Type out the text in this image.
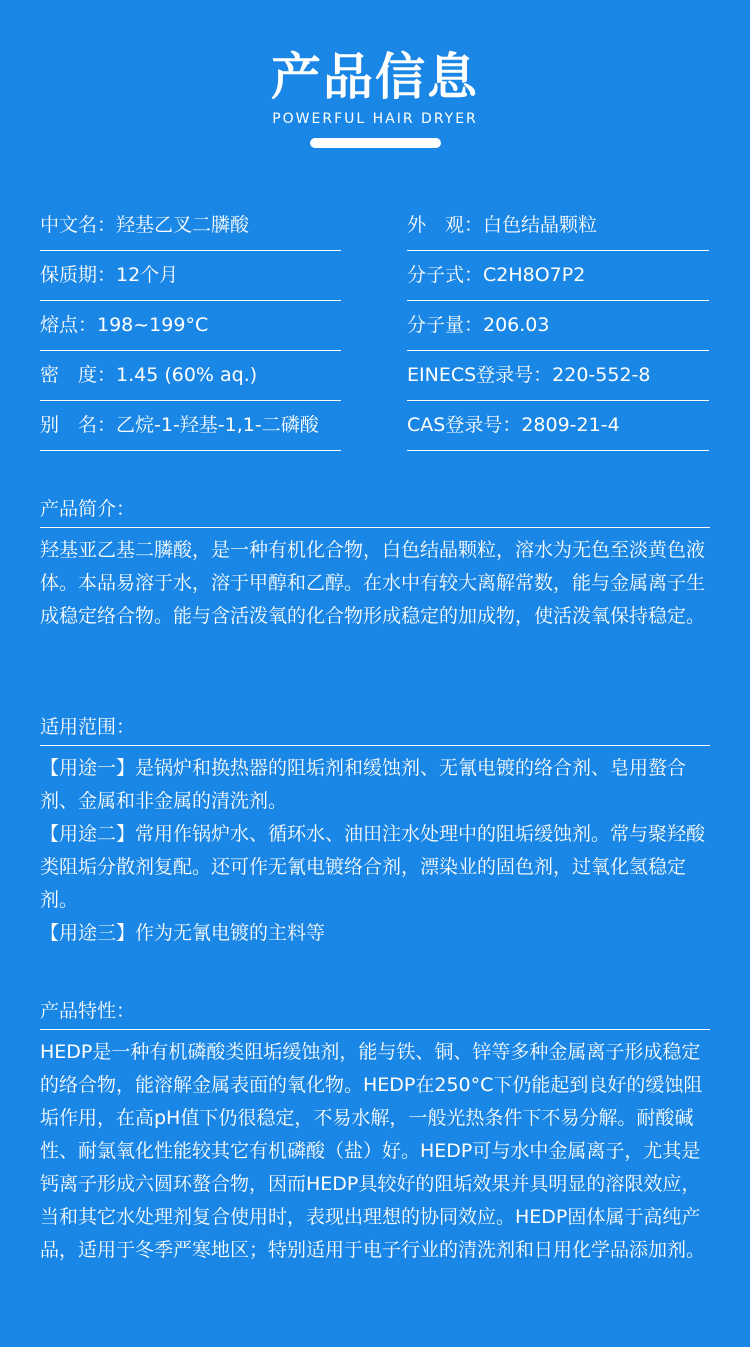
产品信息
POWERFUL HAIR DRYER
中文名：羟基乙叉二膦酸
保质期：12个月
熔点：198~199°C
密　度：1.45 (60% aq.)
别　名：乙烷-1-羟基-1,1-二磷酸
外　观：白色结晶颗粒
分子式：C2H8O7P2
分子量：206.03
EINECS登录号：220-552-8
CAS登录号：2809-21-4
产品简介：

羟基亚乙基二膦酸，是一种有机化合物，白色结晶颗粒，溶水为无色至淡黄色液体。本品易溶于水，溶于甲醇和乙醇。在水中有较大离解常数，能与金属离子生成稳定络合物。能与含活泼氧的化合物形成稳定的加成物，使活泼氧保持稳定。

适用范围：

【用途一】是锅炉和换热器的阻垢剂和缓蚀剂、无氰电镀的络合剂、皂用螯合剂、金属和非金属的清洗剂。

【用途二】常用作锅炉水、循环水、油田注水处理中的阻垢缓蚀剂。常与聚羟酸类阻垢分散剂复配。还可作无氰电镀络合剂，漂染业的固色剂，过氧化氢稳定剂。

【用途三】作为无氰电镀的主料等

产品特性：

HEDP是一种有机磷酸类阻垢缓蚀剂，能与铁、铜、锌等多种金属离子形成稳定的络合物，能溶解金属表面的氧化物。HEDP在250°C下仍能起到良好的缓蚀阻垢作用，在高pH值下仍很稳定，不易水解，一般光热条件下不易分解。耐酸碱性、耐氯氧化性能较其它有机磷酸（盐）好。HEDP可与水中金属离子，尤其是钙离子形成六圆环螯合物，因而HEDP具较好的阻垢效果并具明显的溶限效应，当和其它水处理剂复合使用时，表现出理想的协同效应。HEDP固体属于高纯产品，适用于冬季严寒地区；特别适用于电子行业的清洗剂和日用化学品添加剂。
